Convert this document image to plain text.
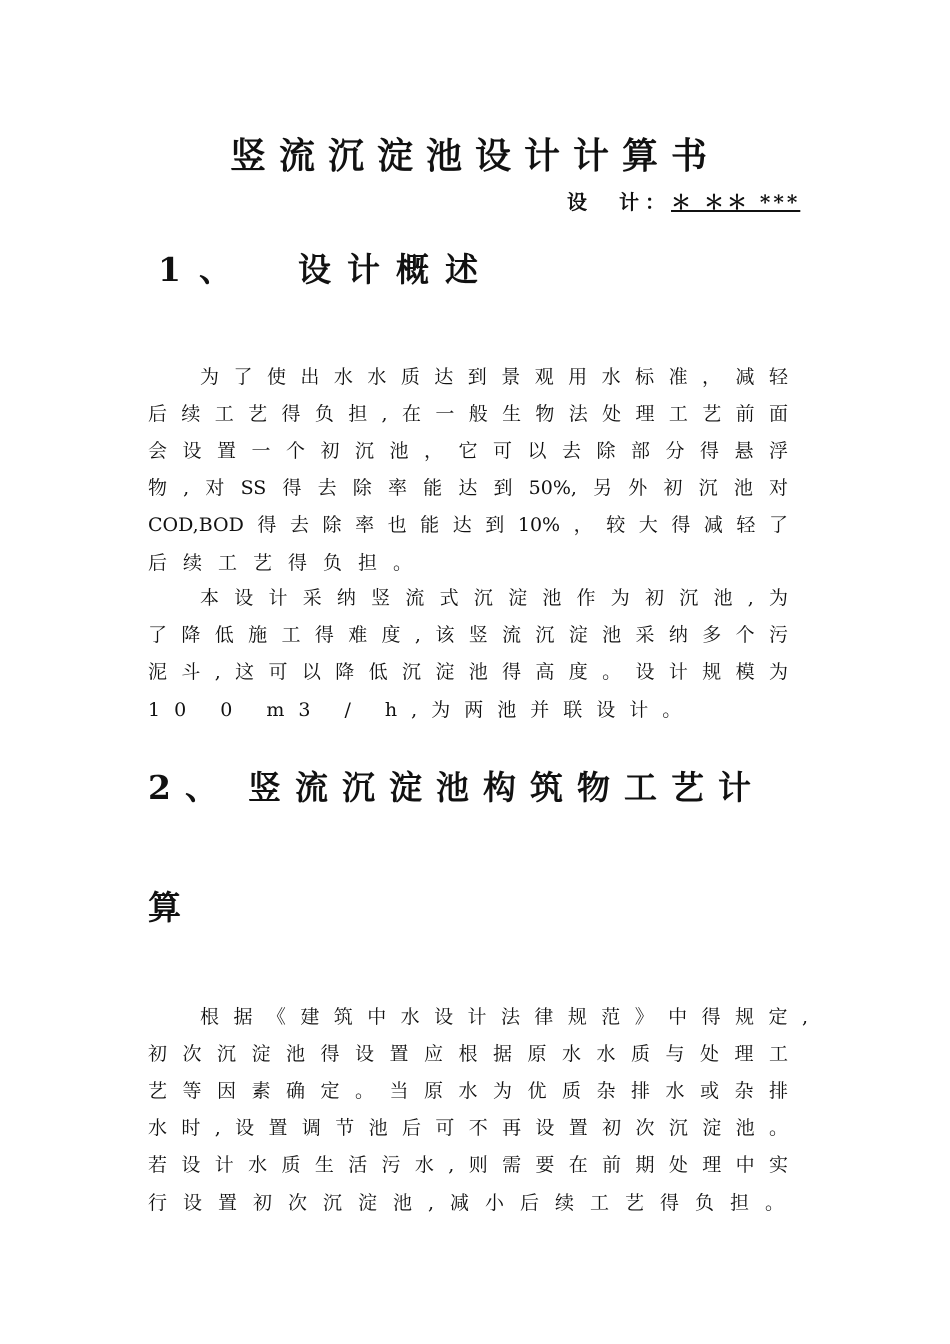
竖流沉淀池设计计算书
设　计：＊ ＊＊ ***
1、 设计概述
为了使出水水质达到景观用水标准，减轻
后续工艺得负担,在一般生物法处理工艺前面
会设置一个初沉池，它可以去除部分得悬浮
物,对SS得去除率能达到50%,另外初沉池对
COD,BOD得去除率也能达到10%，较大得减轻了
后续工艺得负担。
本设计采纳竖流式沉淀池作为初沉池,为
了降低施工得难度,该竖流沉淀池采纳多个污
泥斗,这可以降低沉淀池得高度。设计规模为
10 0 m3 / h,为两池并联设计。
2、 竖流沉淀池构筑物工艺计
算
根据《建筑中水设计法律规范》中得规定,
初次沉淀池得设置应根据原水水质与处理工
艺等因素确定。当原水为优质杂排水或杂排
水时,设置调节池后可不再设置初次沉淀池。
若设计水质生活污水,则需要在前期处理中实
行设置初次沉淀池,减小后续工艺得负担。
